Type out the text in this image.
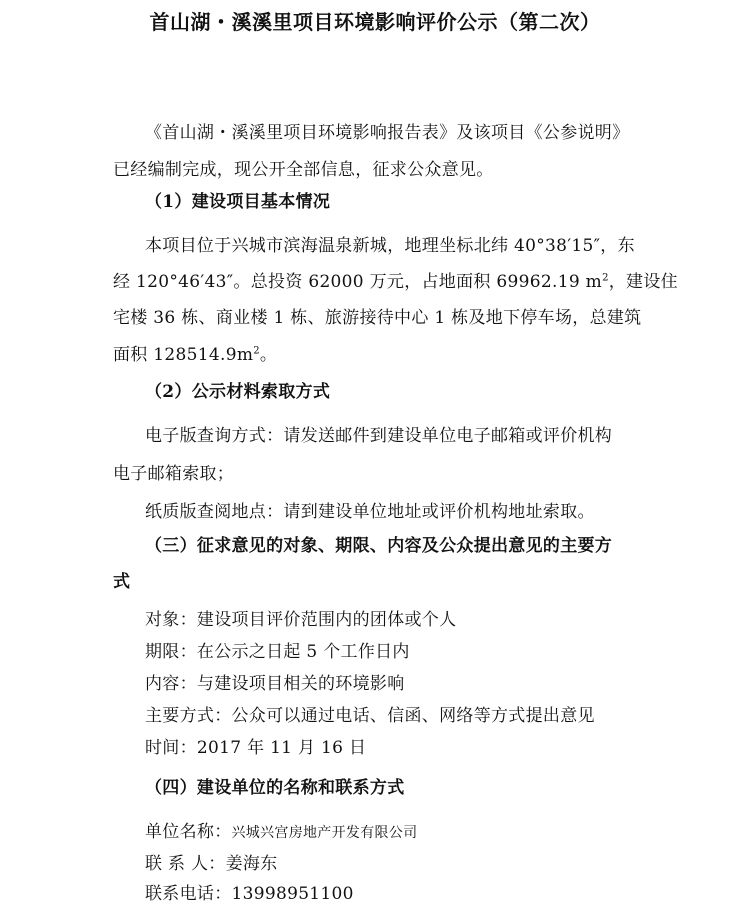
首山湖・溪溪里项目环境影响评价公示（第二次）
《首山湖・溪溪里项目环境影响报告表》及该项目《公参说明》
已经编制完成，现公开全部信息，征求公众意见。
（1）建设项目基本情况
本项目位于兴城市滨海温泉新城，地理坐标北纬 40°38′15″，东
经 120°46′43″。总投资 62000 万元，占地面积 69962.19 $m^2$，建设住
宅楼 36 栋、商业楼 1 栋、旅游接待中心 1 栋及地下停车场，总建筑
面积 $128514.9m^2$。
（2）公示材料索取方式
电子版查询方式：请发送邮件到建设单位电子邮箱或评价机构
电子邮箱索取；
纸质版查阅地点：请到建设单位地址或评价机构地址索取。
（三）征求意见的对象、期限、内容及公众提出意见的主要方
式
对象：建设项目评价范围内的团体或个人
期限：在公示之日起 5 个工作日内
内容：与建设项目相关的环境影响
主要方式：公众可以通过电话、信函、网络等方式提出意见
时间：2017 年 11 月 16 日
（四）建设单位的名称和联系方式
单位名称：兴城兴宫房地产开发有限公司
联 系 人：姜海东
联系电话：13998951100
